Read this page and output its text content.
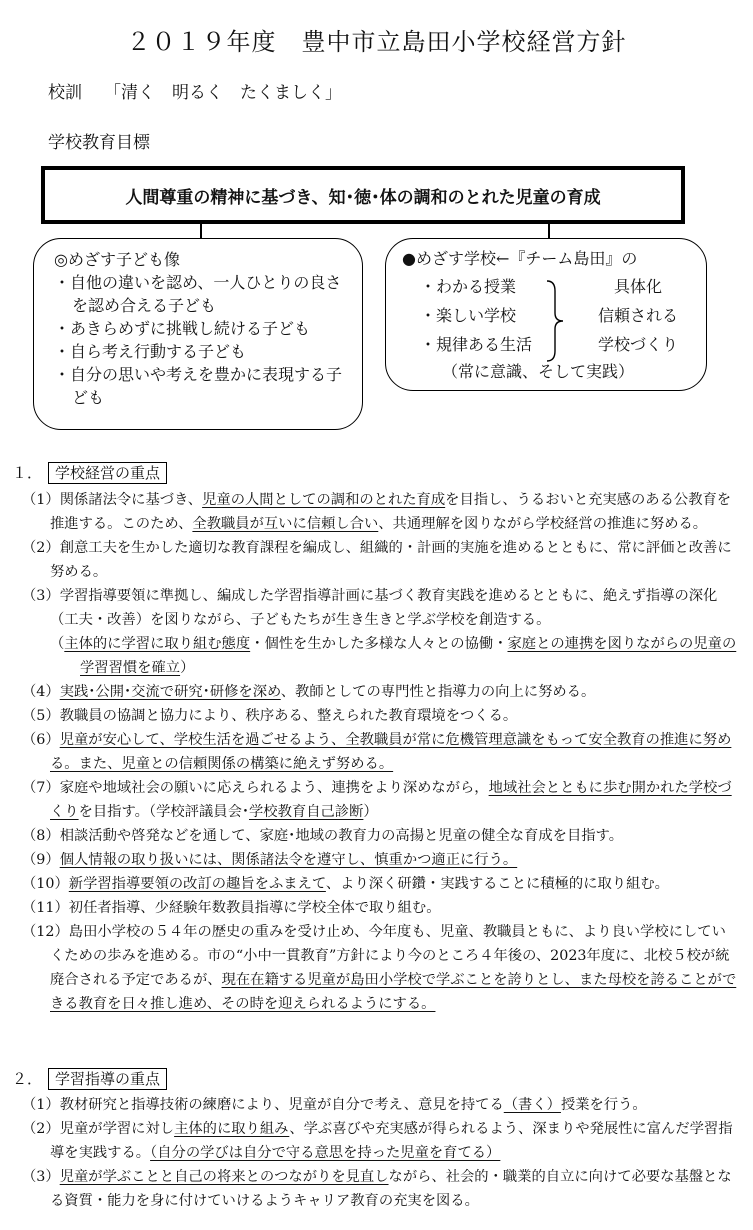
２０１９年度　豊中市立島田小学校経営方針
校訓 「清く　明るく　たくましく」
学校教育目標
人間尊重の精神に基づき、知･徳･体の調和のとれた児童の育成
◎めざす子ども像
・ 自他の違いを認め、一人ひとりの良さを認め合える子ども
・ あきらめずに挑戦し続ける子ども
・ 自ら考え行動する子ども
・ 自分の思いや考えを豊かに表現する子ども
●めざす学校←『チーム島田』の
・ わかる授業	具体化
・ 楽しい学校	信頼される
・ 規律ある生活	学校づくり
（常に意識、そして実践）
１． 学校経営の重点
（1）関係諸法令に基づき、児童の人間としての調和のとれた育成を目指し、うるおいと充実感のある公教育を推進する。このため、全教職員が互いに信頼し合い、共通理解を図りながら学校経営の推進に努める。
（2）創意工夫を生かした適切な教育課程を編成し、組織的・計画的実施を進めるとともに、常に評価と改善に努める。
（3）学習指導要領に準拠し、編成した学習指導計画に基づく教育実践を進めるとともに、絶えず指導の深化（工夫・改善）を図りながら、子どもたちが生き生きと学ぶ学校を創造する。
（主体的に学習に取り組む態度・個性を生かした多様な人々との協働・家庭との連携を図りながらの児童の学習習慣を確立）
（4）実践･公開･交流で研究･研修を深め、教師としての専門性と指導力の向上に努める。
（5）教職員の協調と協力により、秩序ある、整えられた教育環境をつくる。
（6）児童が安心して、学校生活を過ごせるよう、全教職員が常に危機管理意識をもって安全教育の推進に努める。また、児童との信頼関係の構築に絶えず努める。
（7）家庭や地域社会の願いに応えられるよう、連携をより深めながら，地域社会とともに歩む開かれた学校づくりを目指す。（学校評議員会･学校教育自己診断）
（8）相談活動や啓発などを通して、家庭･地域の教育力の高揚と児童の健全な育成を目指す。
（9）個人情報の取り扱いには、関係諸法令を遵守し、慎重かつ適正に行う。
（10）新学習指導要領の改訂の趣旨をふまえて、より深く研鑽・実践することに積極的に取り組む。
（11）初任者指導、少経験年数教員指導に学校全体で取り組む。
（12）島田小学校の５４年の歴史の重みを受け止め、今年度も、児童、教職員ともに、より良い学校にしていくための歩みを進める。市の“小中一貫教育”方針により今のところ４年後の、2023年度に、北校５校が統廃合される予定であるが、現在在籍する児童が島田小学校で学ぶことを誇りとし、また母校を誇ることができる教育を日々推し進め、その時を迎えられるようにする。
２． 学習指導の重点
（1）教材研究と指導技術の練磨により、児童が自分で考え、意見を持てる（書く）授業を行う。
（2）児童が学習に対し主体的に取り組み、学ぶ喜びや充実感が得られるよう、深まりや発展性に富んだ学習指導を実践する。（自分の学びは自分で守る意思を持った児童を育てる）
（3）児童が学ぶことと自己の将来とのつながりを見直しながら、社会的・職業的自立に向けて必要な基盤となる資質・能力を身に付けていけるようキャリア教育の充実を図る。
